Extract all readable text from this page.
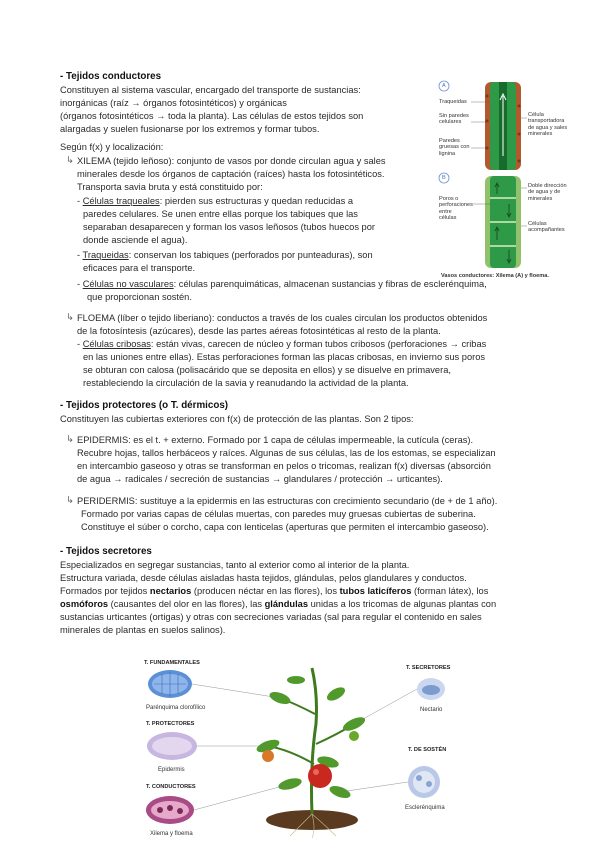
- Tejidos conductores

Constituyen al sistema vascular, encargado del transporte de sustancias:

inorgánicas (raíz → órganos fotosintéticos) y orgánicas

(órganos fotosintéticos → toda la planta). Las células de estos tejidos son

alargadas y suelen fusionarse por los extremos y formar tubos.

Según f(x) y localización:

↳ XILEMA (tejido leñoso): conjunto de vasos por donde circulan agua y sales

minerales desde los órganos de captación (raíces) hasta los fotosintéticos.

Transporta savia bruta y está constituido por:

- Células traqueales: pierden sus estructuras y quedan reducidas a

paredes celulares. Se unen entre ellas porque los tabiques que las

separaban desaparecen y forman los vasos leñosos (tubos huecos por

donde asciende el agua).

- Traqueidas: conservan los tabiques (perforados por punteaduras), son

eficaces para el transporte.

- Células no vasculares: células parenquimáticas, almacenan sustancias y fibras de esclerénquima,

que proporcionan sostén.

↳ FLOEMA (líber o tejido liberiano): conductos a través de los cuales circulan los productos obtenidos

de la fotosíntesis (azúcares), desde las partes aéreas fotosintéticas al resto de la planta.

- Células cribosas: están vivas, carecen de núcleo y forman tubos cribosos (perforaciones → cribas

en las uniones entre ellas). Estas perforaciones forman las placas cribosas, en invierno sus poros

se obturan con calosa (polisacárido que se deposita en ellos) y se disuelve en primavera,

restableciendo la circulación de la savia y reanudando la actividad de la planta.

A
B
Traqueidas
Sin paredes
celulares
Paredes
gruesas con
lignina
Célula
transportadora
de agua y sales
minerales
Poros o
perforaciones
entre
células
Doble dirección
de agua y de
minerales
Células
acompañantes
Vasos conductores: Xilema (A) y floema.
- Tejidos protectores (o T. dérmicos)

Constituyen las cubiertas exteriores con f(x) de protección de las plantas. Son 2 tipos:

↳ EPIDERMIS: es el t. + externo. Formado por 1 capa de células impermeable, la cutícula (ceras).

Recubre hojas, tallos herbáceos y raíces. Algunas de sus células, las de los estomas, se especializan

en intercambio gaseoso y otras se transforman en pelos o tricomas, realizan f(x) diversas (absorción

de agua → radicales / secreción de sustancias → glandulares / protección → urticantes).

↳ PERIDERMIS: sustituye a la epidermis en las estructuras con crecimiento secundario (de + de 1 año).

Formado por varias capas de células muertas, con paredes muy gruesas cubiertas de suberina.

Constituye el súber o corcho, capa con lenticelas (aperturas que permiten el intercambio gaseoso).

- Tejidos secretores

Especializados en segregar sustancias, tanto al exterior como al interior de la planta.

Estructura variada, desde células aisladas hasta tejidos, glándulas, pelos glandulares y conductos.

Formados por tejidos nectarios (producen néctar en las flores), los tubos laticíferos (forman látex), los

osmóforos (causantes del olor en las flores), las glándulas unidas a los tricomas de algunas plantas con

sustancias urticantes (ortigas) y otras con secreciones variadas (sal para regular el contenido en sales

minerales de plantas en suelos salinos).

T. FUNDAMENTALES
Parénquima clorofílico
T. PROTECTORES
Epidermis
T. CONDUCTORES
Xilema y floema
T. SECRETORES
Nectario
T. DE SOSTÉN
Esclerénquima
